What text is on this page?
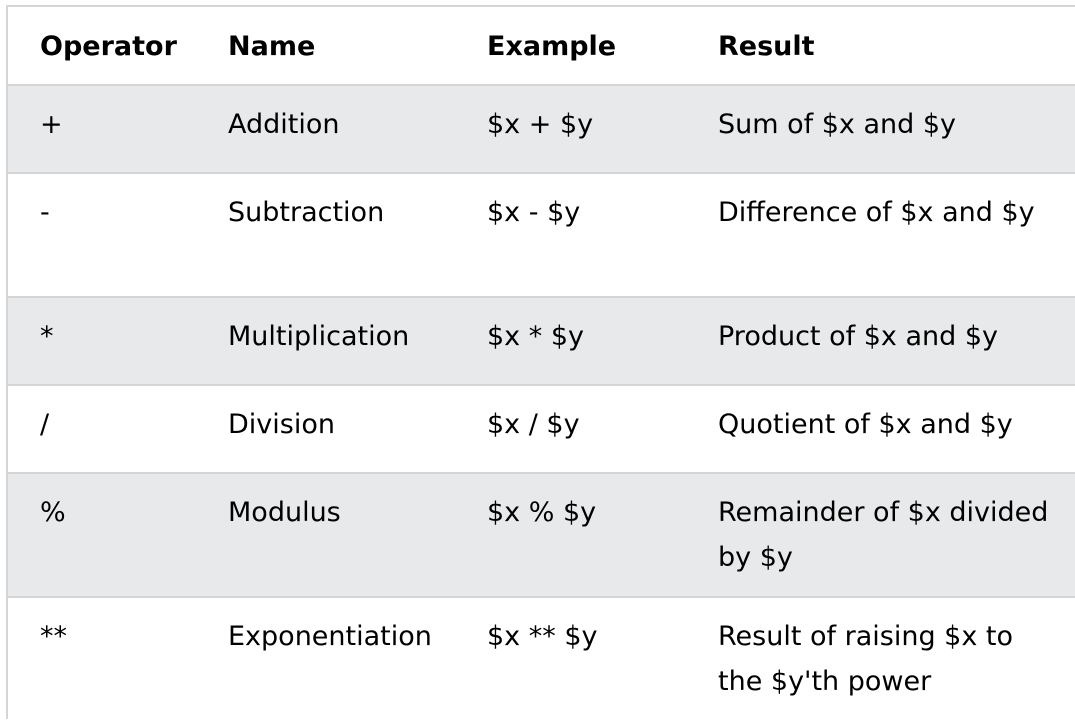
Operator	Name	Example	Result
+	Addition	$x + $y	Sum of $x and $y
-	Subtraction	$x - $y	Difference of $x and $y
*	Multiplication	$x * $y	Product of $x and $y
/	Division	$x / $y	Quotient of $x and $y
%	Modulus	$x % $y	Remainder of $x divided by $y
**	Exponentiation	$x ** $y	Result of raising $x to the $y'th power
